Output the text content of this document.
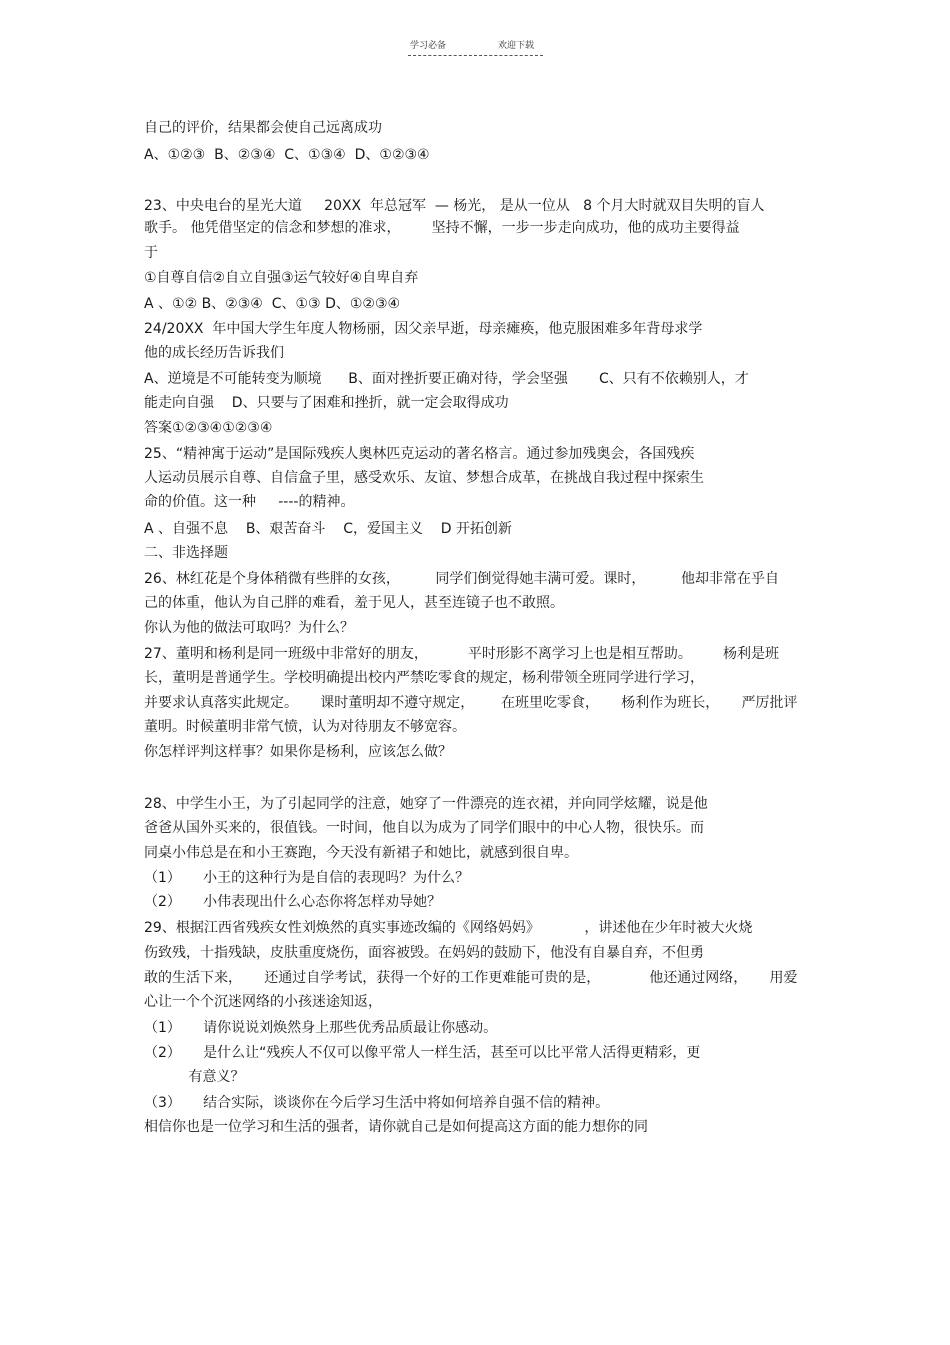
学习必备	欢迎下载

自己的评价，结果都会使自己远离成功

A、①②③  B、②③④  C、①③④  D、①②③④

23、中央电台的星光大道     20XX  年总冠军  — 杨光， 是从一位从   8 个月大时就双目失明的盲人

歌手。 他凭借坚定的信念和梦想的准求，       坚持不懈，一步一步走向成功，他的成功主要得益

于

①自尊自信②自立自强③运气较好④自卑自弃

A 、①② B、②③④  C、①③ D、①②③④

24/20XX  年中国大学生年度人物杨丽，因父亲早逝，母亲瘫痪，他克服困难多年背母求学

他的成长经历告诉我们

A、逆境是不可能转变为顺境      B、面对挫折要正确对待，学会坚强       C、只有不依赖别人，才

能走向自强    D、只要与了困难和挫折，就一定会取得成功

答案①②③④①②③④

25、“精神寓于运动”是国际残疾人奥林匹克运动的著名格言。通过参加残奥会，各国残疾

人运动员展示自尊、自信盒子里，感受欢乐、友谊、梦想合成革，在挑战自我过程中探索生

命的价值。这一种     ----的精神。

A 、自强不息    B、艰苦奋斗    C，爱国主义    D 开拓创新

二、非选择题

26、林红花是个身体稍微有些胖的女孩，        同学们倒觉得她丰满可爱。课时，        他却非常在乎自

己的体重，他认为自己胖的难看，羞于见人，甚至连镜子也不敢照。

你认为他的做法可取吗？为什么？

27、董明和杨利是同一班级中非常好的朋友，         平时形影不离学习上也是相互帮助。       杨利是班

长，董明是普通学生。学校明确提出校内严禁吃零食的规定，杨利带领全班同学进行学习，

并要求认真落实此规定。     课时董明却不遵守规定，      在班里吃零食，     杨利作为班长，     严厉批评

董明。时候董明非常气愤，认为对待朋友不够宽容。

你怎样评判这样事？如果你是杨利，应该怎么做？

28、中学生小王，为了引起同学的注意，她穿了一件漂亮的连衣裙，并向同学炫耀，说是他

爸爸从国外买来的，很值钱。一时间，他自以为成为了同学们眼中的中心人物，很快乐。而

同桌小伟总是在和小王赛跑，今天没有新裙子和她比，就感到很自卑。

（1）     小王的这种行为是自信的表现吗？为什么？

（2）     小伟表现出什么心态你将怎样劝导她？

29、根据江西省残疾女性刘焕然的真实事迹改编的《网络妈妈》          ，讲述他在少年时被大火烧

伤致残，十指残缺，皮肤重度烧伤，面容被毁。在妈妈的鼓励下，他没有自暴自弃，不但勇

敢的生活下来，     还通过自学考试，获得一个好的工作更难能可贵的是，           他还通过网络，     用爱

心让一个个沉迷网络的小孩迷途知返，

（1）     请你说说刘焕然身上那些优秀品质最让你感动。

（2）     是什么让“残疾人不仅可以像平常人一样生活，甚至可以比平常人活得更精彩，更

有意义？

（3）     结合实际，谈谈你在今后学习生活中将如何培养自强不信的精神。

相信你也是一位学习和生活的强者，请你就自己是如何提高这方面的能力想你的同
